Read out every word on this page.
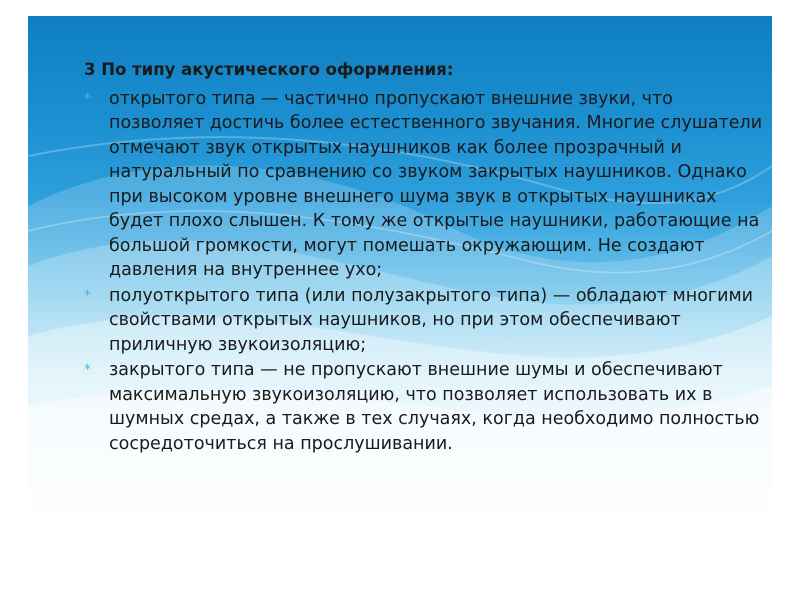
3 По типу акустического оформления:
* открытого типа — частично пропускают внешние звуки, что позволяет достичь более естественного звучания. Многие слушатели отмечают звук открытых наушников как более прозрачный и натуральный по сравнению со звуком закрытых наушников. Однако при высоком уровне внешнего шума звук в открытых наушниках будет плохо слышен. К тому же открытые наушники, работающие на большой громкости, могут помешать окружающим. Не создают давления на внутреннее ухо;
* полуоткрытого типа (или полузакрытого типа) — обладают многими свойствами открытых наушников, но при этом обеспечивают приличную звукоизоляцию;
* закрытого типа — не пропускают внешние шумы и обеспечивают максимальную звукоизоляцию, что позволяет использовать их в шумных средах, а также в тех случаях, когда необходимо полностью сосредоточиться на прослушивании.
